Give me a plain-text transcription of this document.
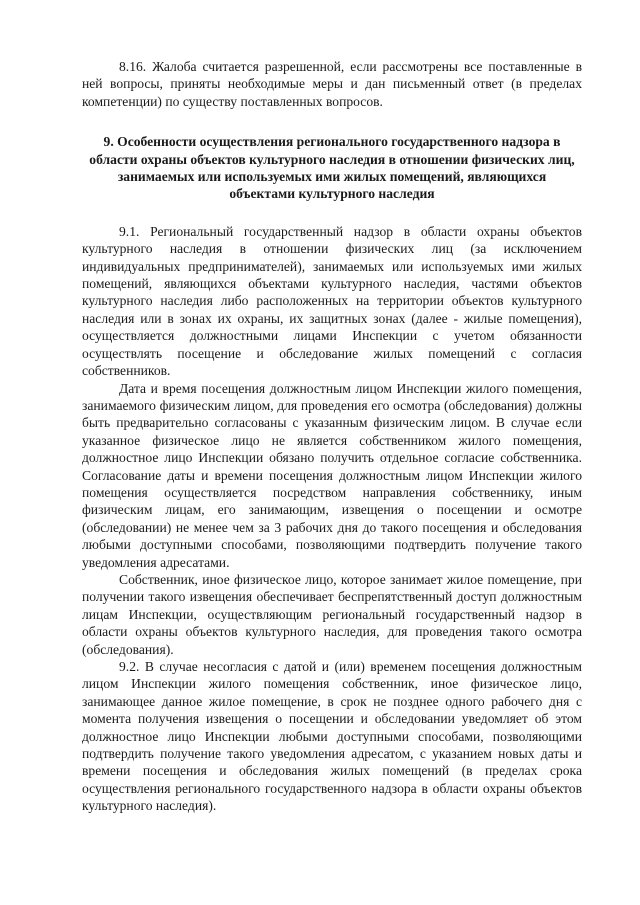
8.16. Жалоба считается разрешенной, если рассмотрены все поставленные в ней вопросы, приняты необходимые меры и дан письменный ответ (в пределах компетенции) по существу поставленных вопросов.

9. Особенности осуществления регионального государственного надзора в области охраны объектов культурного наследия в отношении физических лиц, занимаемых или используемых ими жилых помещений, являющихся объектами культурного наследия

9.1. Региональный государственный надзор в области охраны объектов культурного наследия в отношении физических лиц (за исключением индивидуальных предпринимателей), занимаемых или используемых ими жилых помещений, являющихся объектами культурного наследия, частями объектов культурного наследия либо расположенных на территории объектов культурного наследия или в зонах их охраны, их защитных зонах (далее - жилые помещения), осуществляется должностными лицами Инспекции с учетом обязанности осуществлять посещение и обследование жилых помещений с согласия собственников.

Дата и время посещения должностным лицом Инспекции жилого помещения, занимаемого физическим лицом, для проведения его осмотра (обследования) должны быть предварительно согласованы с указанным физическим лицом. В случае если указанное физическое лицо не является собственником жилого помещения, должностное лицо Инспекции обязано получить отдельное согласие собственника. Согласование даты и времени посещения должностным лицом Инспекции жилого помещения осуществляется посредством направления собственнику, иным физическим лицам, его занимающим, извещения о посещении и осмотре (обследовании) не менее чем за 3 рабочих дня до такого посещения и обследования любыми доступными способами, позволяющими подтвердить получение такого уведомления адресатами.

Собственник, иное физическое лицо, которое занимает жилое помещение, при получении такого извещения обеспечивает беспрепятственный доступ должностным лицам Инспекции, осуществляющим региональный государственный надзор в области охраны объектов культурного наследия, для проведения такого осмотра (обследования).

9.2. В случае несогласия с датой и (или) временем посещения должностным лицом Инспекции жилого помещения собственник, иное физическое лицо, занимающее данное жилое помещение, в срок не позднее одного рабочего дня с момента получения извещения о посещении и обследовании уведомляет об этом должностное лицо Инспекции любыми доступными способами, позволяющими подтвердить получение такого уведомления адресатом, с указанием новых даты и времени посещения и обследования жилых помещений (в пределах срока осуществления регионального государственного надзора в области охраны объектов культурного наследия).
